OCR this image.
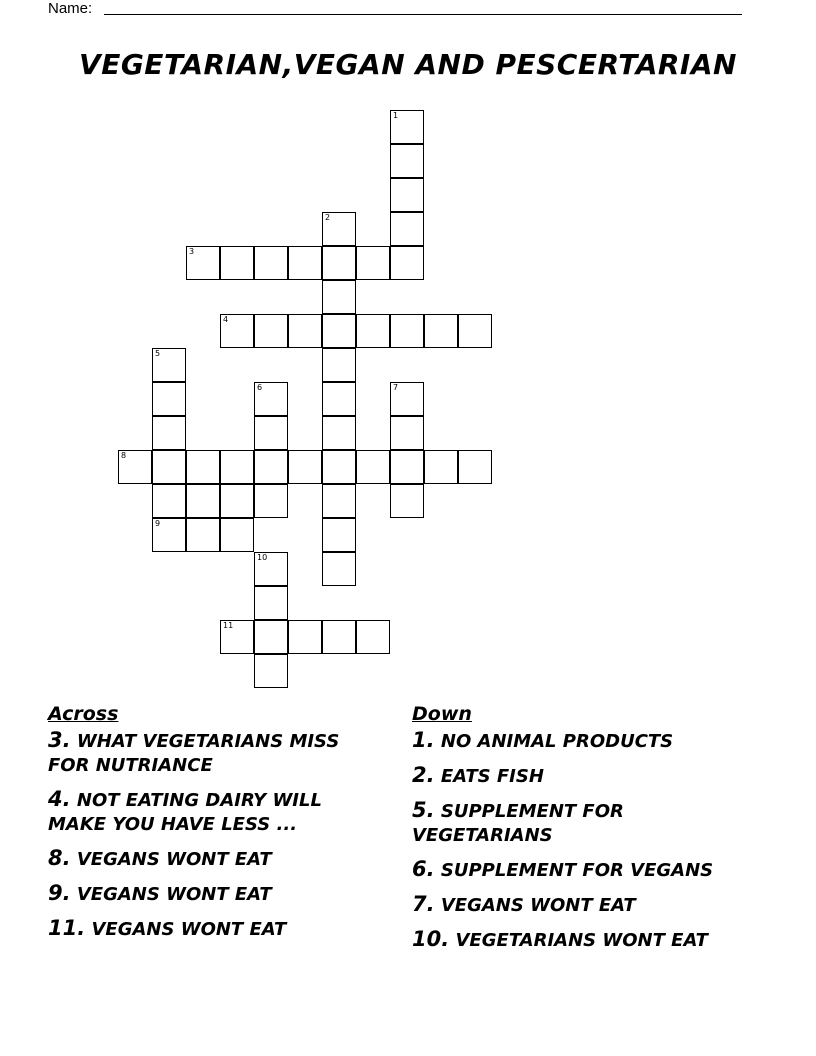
Name:
VEGETARIAN,VEGAN AND PESCERTARIAN
1
2
3
4
5
6	7
8
9
10
11
Across
3. WHAT VEGETARIANS MISS FOR NUTRIANCE
4. NOT EATING DAIRY WILL MAKE YOU HAVE LESS ...
8. VEGANS WONT EAT
9. VEGANS WONT EAT
11. VEGANS WONT EAT
Down
1. NO ANIMAL PRODUCTS
2. EATS FISH
5. SUPPLEMENT FOR VEGETARIANS
6. SUPPLEMENT FOR VEGANS
7. VEGANS WONT EAT
10. VEGETARIANS WONT EAT
